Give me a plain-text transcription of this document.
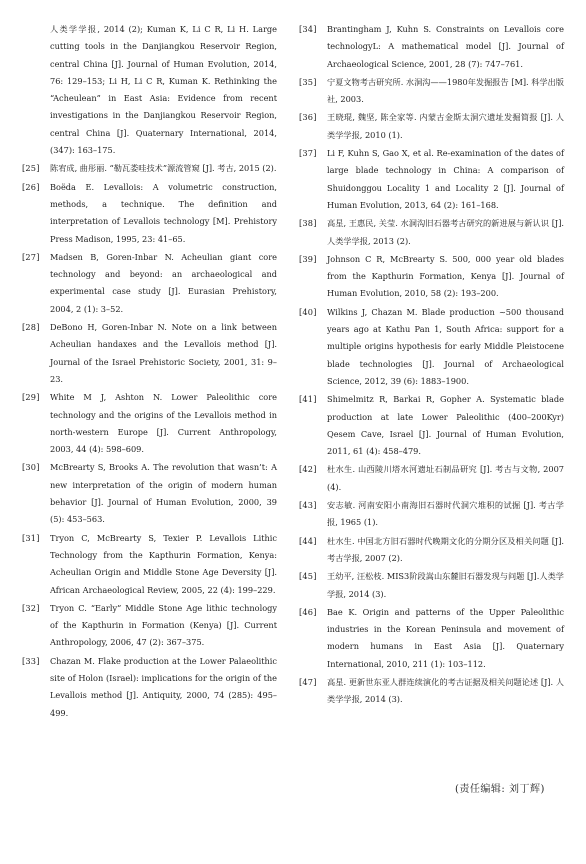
人类学学报, 2014 (2); Kuman K, Li C R, Li H. Large cutting tools in the Danjiangkou Reservoir Region, central China [J]. Journal of Human Evolution, 2014, 76: 129–153; Li H, Li C R, Kuman K. Rethinking the “Acheulean” in East Asia: Evidence from recent investigations in the Danjiangkou Reservoir Region, central China [J]. Quaternary International, 2014, (347): 163–175.
[25] 陈宥成, 曲彤丽. “勒瓦娄哇技术”源流管窥 [J]. 考古, 2015 (2).
[26] Boëda E. Levallois: A volumetric construction, methods, a technique. The definition and interpretation of Levallois technology [M]. Prehistory Press Madison, 1995, 23: 41–65.
[27] Madsen B, Goren-Inbar N. Acheulian giant core technology and beyond: an archaeological and experimental case study [J]. Eurasian Prehistory, 2004, 2 (1): 3–52.
[28] DeBono H, Goren-Inbar N. Note on a link between Acheulian handaxes and the Levallois method [J]. Journal of the Israel Prehistoric Society, 2001, 31: 9–23.
[29] White M J, Ashton N. Lower Paleolithic core technology and the origins of the Levallois method in north-western Europe [J]. Current Anthropology, 2003, 44 (4): 598–609.
[30] McBrearty S, Brooks A. The revolution that wasn’t: A new interpretation of the origin of modern human behavior [J]. Journal of Human Evolution, 2000, 39 (5): 453–563.
[31] Tryon C, McBrearty S, Texier P. Levallois Lithic Technology from the Kapthurin Formation, Kenya: Acheulian Origin and Middle Stone Age Deversity [J]. African Archaeological Review, 2005, 22 (4): 199–229.
[32] Tryon C. “Early” Middle Stone Age lithic technology of the Kapthurin in Formation (Kenya) [J]. Current Anthropology, 2006, 47 (2): 367–375.
[33] Chazan M. Flake production at the Lower Palaeolithic site of Holon (Israel): implications for the origin of the Levallois method [J]. Antiquity, 2000, 74 (285): 495–499.
[34] Brantingham J, Kuhn S. Constraints on Levallois core technologyL: A mathematical model [J]. Journal of Archaeological Science, 2001, 28 (7): 747–761.
[35] 宁夏文物考古研究所. 水洞沟——1980年发掘报告 [M]. 科学出版社, 2003.
[36] 王晓琨, 魏坚, 陈全家等. 内蒙古金斯太洞穴遗址发掘简报 [J]. 人类学学报, 2010 (1).
[37] Li F, Kuhn S, Gao X, et al. Re-examination of the dates of large blade technology in China: A comparison of Shuidonggou Locality 1 and Locality 2 [J]. Journal of Human Evolution, 2013, 64 (2): 161–168.
[38] 高星, 王惠民, 关莹. 水洞沟旧石器考古研究的新进展与新认识 [J]. 人类学学报, 2013 (2).
[39] Johnson C R, McBrearty S. 500, 000 year old blades from the Kapthurin Formation, Kenya [J]. Journal of Human Evolution, 2010, 58 (2): 193–200.
[40] Wilkins J, Chazan M. Blade production ~500 thousand years ago at Kathu Pan 1, South Africa: support for a multiple origins hypothesis for early Middle Pleistocene blade technologies [J]. Journal of Archaeological Science, 2012, 39 (6): 1883–1900.
[41] Shimelmitz R, Barkai R, Gopher A. Systematic blade production at late Lower Paleolithic (400–200Kyr) Qesem Cave, Israel [J]. Journal of Human Evolution, 2011, 61 (4): 458–479.
[42] 杜水生. 山西陵川塔水河遗址石制品研究 [J]. 考古与文物, 2007 (4).
[43] 安志敏. 河南安阳小南海旧石器时代洞穴堆积的试掘 [J]. 考古学报, 1965 (1).
[44] 杜水生. 中国北方旧石器时代晚期文化的分期分区及相关问题 [J]. 考古学报, 2007 (2).
[45] 王幼平, 汪松枝. MIS3阶段嵩山东麓旧石器发现与问题 [J].人类学学报, 2014 (3).
[46] Bae K. Origin and patterns of the Upper Paleolithic industries in the Korean Peninsula and movement of modern humans in East Asia [J]. Quaternary International, 2010, 211 (1): 103–112.
[47] 高星. 更新世东亚人群连续演化的考古证据及相关问题论述 [J]. 人类学学报, 2014 (3).
(责任编辑: 刘丁辉)
